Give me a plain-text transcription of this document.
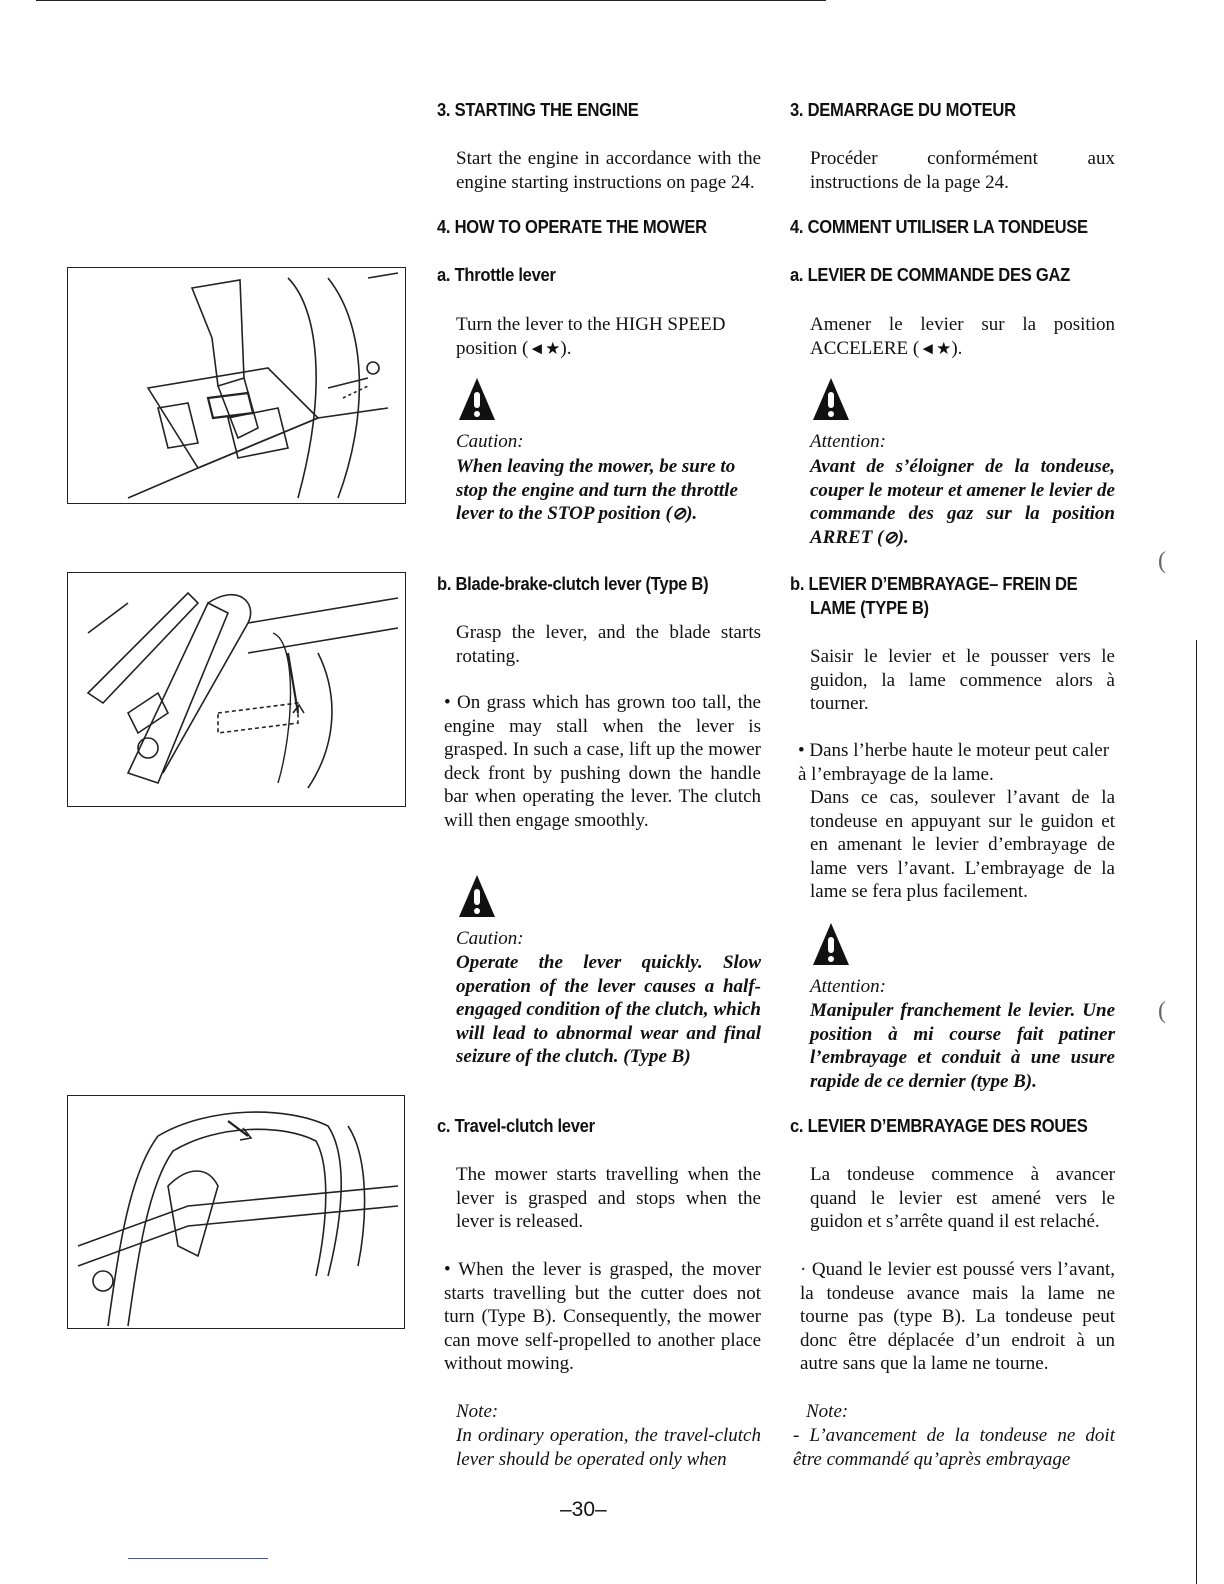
(
(
3. STARTING THE ENGINE
Start the engine in accordance with the engine starting instructions on page 24.
4. HOW TO OPERATE THE MOWER
a. Throttle lever
Turn the lever to the HIGH SPEED position (◄★).
Caution:
When leaving the mower, be sure to stop the engine and turn the throttle lever to the STOP position (⊘).
b. Blade-brake-clutch lever (Type B)
Grasp the lever, and the blade starts rotating.
• On grass which has grown too tall, the engine may stall when the lever is grasped. In such a case, lift up the mower deck front by pushing down the handle bar when operating the lever. The clutch will then engage smoothly.
Caution:
Operate the lever quickly. Slow operation of the lever causes a half-engaged condition of the clutch, which will lead to abnormal wear and final seizure of the clutch. (Type B)
c. Travel-clutch lever
The mower starts travelling when the lever is grasped and stops when the lever is released.
• When the lever is grasped, the mover starts travelling but the cutter does not turn (Type B). Consequently, the mower can move self-propelled to another place without mowing.
Note:
In ordinary operation, the travel-clutch lever should be operated only when
3. DEMARRAGE DU MOTEUR
Procéder conformément aux instructions de la page 24.
4. COMMENT UTILISER LA TONDEUSE
a. LEVIER DE COMMANDE DES GAZ
Amener le levier sur la position ACCELERE (◄★).
Attention:
Avant de s’éloigner de la tondeuse, couper le moteur et amener le levier de commande des gaz sur la position ARRET (⊘).
b. LEVIER D’EMBRAYAGE– FREIN DE
LAME (TYPE B)
Saisir le levier et le pousser vers le guidon, la lame commence alors à tourner.
• Dans l’herbe haute le moteur peut caler à l’embrayage de la lame.
Dans ce cas, soulever l’avant de la tondeuse en appuyant sur le guidon et en amenant le levier d’embrayage de lame vers l’avant. L’embrayage de la lame se fera plus facilement.
Attention:
Manipuler franchement le levier. Une position à mi course fait patiner l’embrayage et conduit à une usure rapide de ce dernier (type B).
c. LEVIER D’EMBRAYAGE DES ROUES
La tondeuse commence à avancer quand le levier est amené vers le guidon et s’arrête quand il est relaché.
· Quand le levier est poussé vers l’avant, la tondeuse avance mais la lame ne tourne pas (type B). La tondeuse peut donc être déplacée d’un endroit à un autre sans que la lame ne tourne.
Note:
- L’avancement de la tondeuse ne doit être commandé qu’après embrayage
–30–
